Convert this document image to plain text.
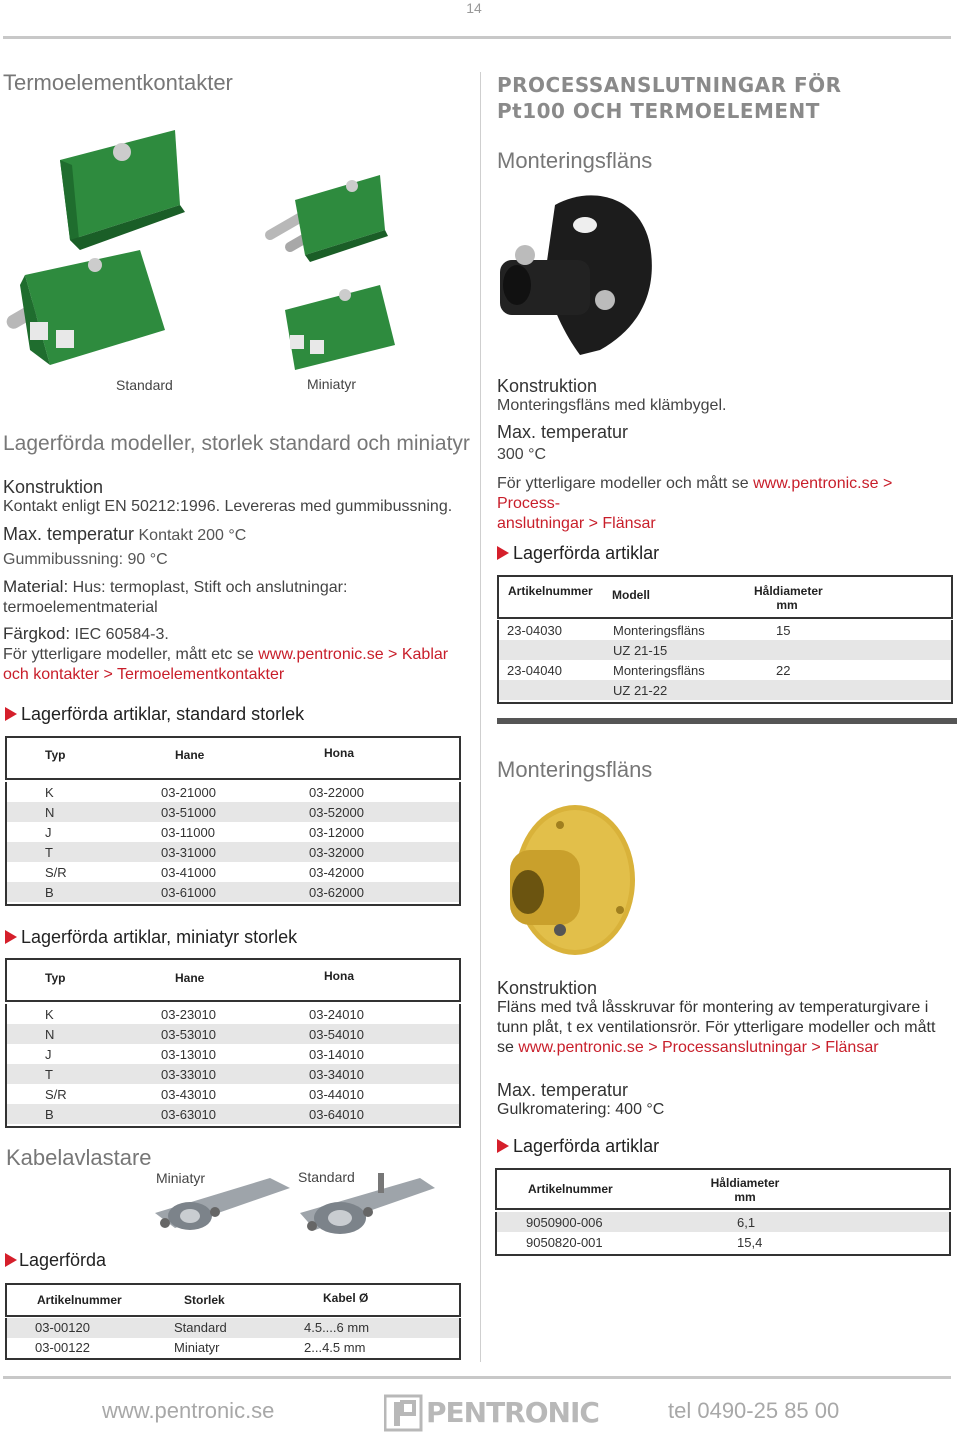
14
Termoelementkontakter
Standard	Miniatyr
Lagerförda modeller, storlek standard och miniatyr
Konstruktion
Kontakt enligt EN 50212:1996. Levereras med gummibussning.
Max. temperatur Kontakt 200 °C
Gummibussning: 90 °C
Material: Hus: termoplast, Stift och anslutningar:
termoelementmaterial
Färgkod: IEC 60584-3.
För ytterligare modeller, mått etc se www.pentronic.se > Kablar
och kontakter > Termoelementkontakter
Lagerförda artiklar, standard storlek
Typ	Hane	Hona
K	03-21000	03-22000
N	03-51000	03-52000
J	03-11000	03-12000
T	03-31000	03-32000
S/R	03-41000	03-42000
B	03-61000	03-62000
Lagerförda artiklar, miniatyr storlek
Typ	Hane	Hona
K	03-23010	03-24010
N	03-53010	03-54010
J	03-13010	03-14010
T	03-33010	03-34010
S/R	03-43010	03-44010
B	03-63010	03-64010
Kabelavlastare
Miniatyr	Standard
Lagerförda
Artikelnummer	Storlek	Kabel Ø
03-00120	Standard	4.5....6 mm
03-00122	Miniatyr	2...4.5 mm
PROCESSANSLUTNINGAR FÖR
Pt100 OCH TERMOELEMENT
Monteringsfläns
Konstruktion
Monteringsfläns med klämbygel.
Max. temperatur
300 °C
För ytterligare modeller och mått se www.pentronic.se > Process-
anslutningar > Flänsar
Lagerförda artiklar
Artikelnummer Modell	Håldiameter
mm
23-04030	Monteringsfläns	15
UZ 21-15
23-04040	Monteringsfläns	22
UZ 21-22
Monteringsfläns
Konstruktion
Fläns med två låsskruvar för montering av temperaturgivare i
tunn plåt, t ex ventilationsrör. För ytterligare modeller och mått
se www.pentronic.se > Processanslutningar > Flänsar
Max. temperatur
Gulkromatering: 400 °C
Lagerförda artiklar
Artikelnummer	Håldiameter
mm
9050900-006	6,1
9050820-001	15,4
www.pentronic.se	PENTRONIC	tel 0490-25 85 00
